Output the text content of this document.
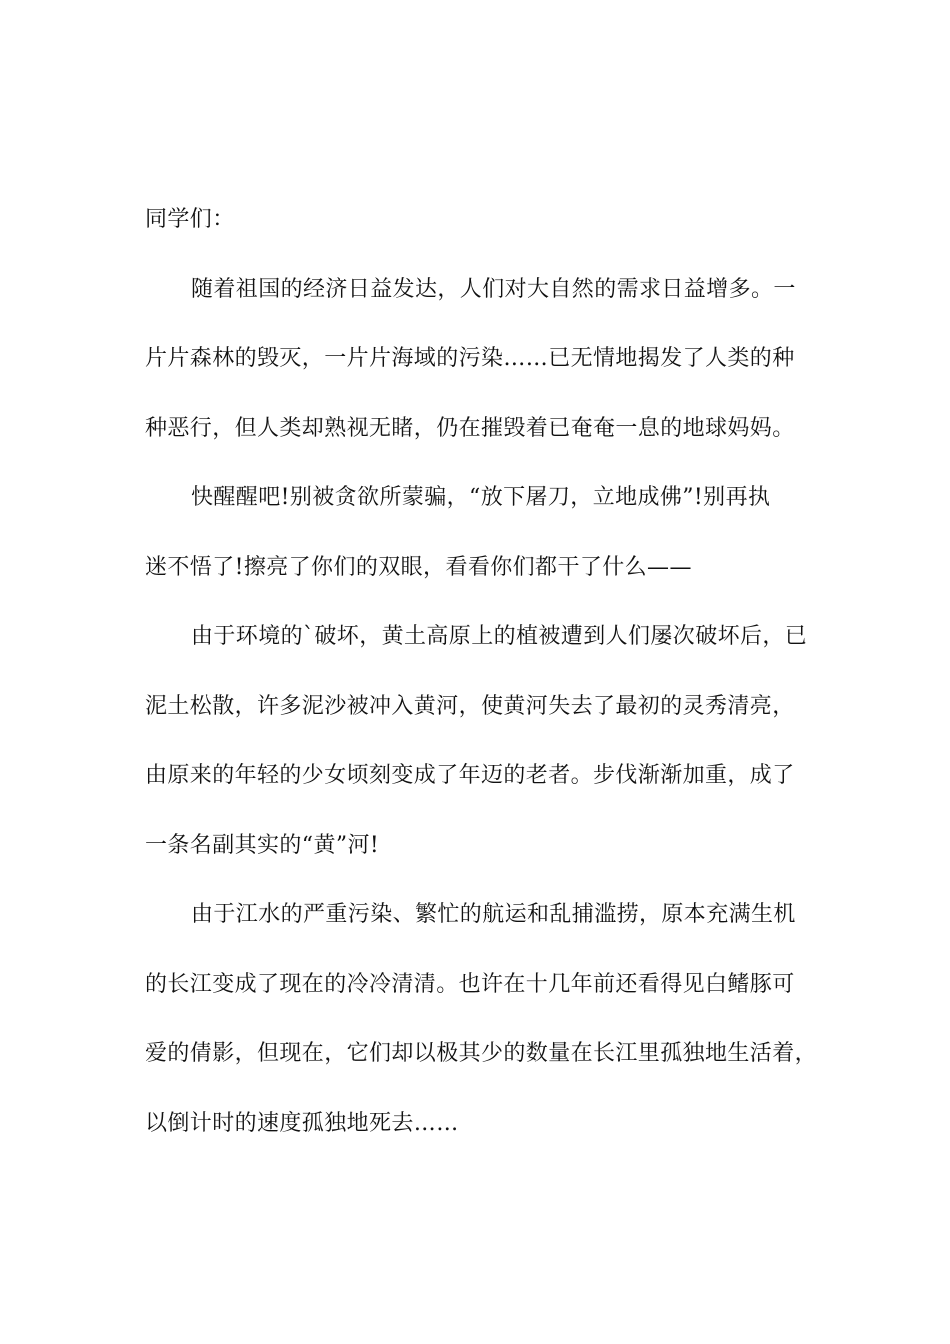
同学们：
随着祖国的经济日益发达，人们对大自然的需求日益增多。一
片片森林的毁灭，一片片海域的污染……已无情地揭发了人类的种
种恶行，但人类却熟视无睹，仍在摧毁着已奄奄一息的地球妈妈。
快醒醒吧!别被贪欲所蒙骗，“放下屠刀，立地成佛”!别再执
迷不悟了!擦亮了你们的双眼，看看你们都干了什么——
由于环境的`破坏，黄土高原上的植被遭到人们屡次破坏后，已
泥土松散，许多泥沙被冲入黄河，使黄河失去了最初的灵秀清亮，
由原来的年轻的少女顷刻变成了年迈的老者。步伐渐渐加重，成了
一条名副其实的“黄”河!
由于江水的严重污染、繁忙的航运和乱捕滥捞，原本充满生机
的长江变成了现在的冷冷清清。也许在十几年前还看得见白鳍豚可
爱的倩影，但现在，它们却以极其少的数量在长江里孤独地生活着，
以倒计时的速度孤独地死去……
